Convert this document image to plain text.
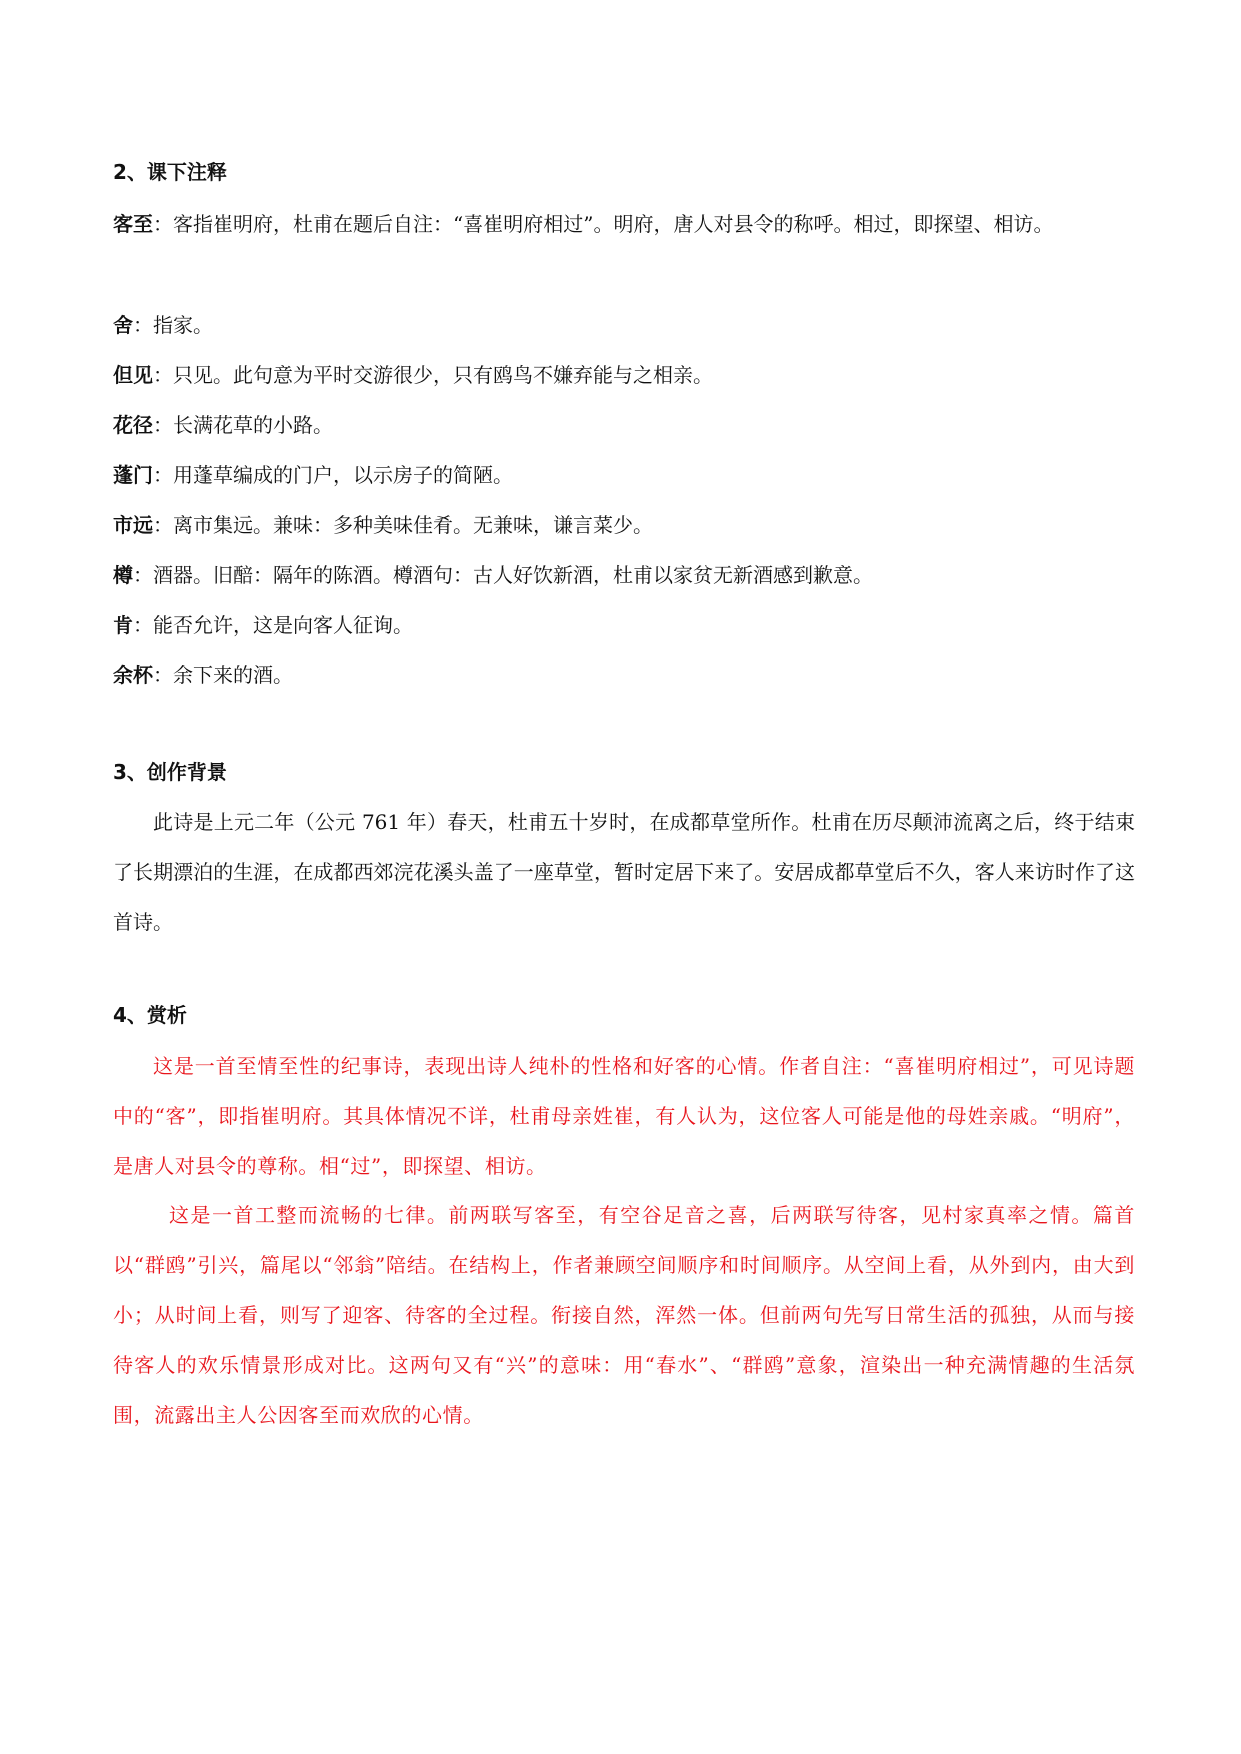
2、课下注释
客至：客指崔明府，杜甫在题后自注：“喜崔明府相过”。明府，唐人对县令的称呼。相过，即探望、相访。
舍：指家。
但见：只见。此句意为平时交游很少，只有鸥鸟不嫌弃能与之相亲。
花径：长满花草的小路。
蓬门：用蓬草编成的门户，以示房子的简陋。
市远：离市集远。兼味：多种美味佳肴。无兼味，谦言菜少。
樽：酒器。旧醅：隔年的陈酒。樽酒句：古人好饮新酒，杜甫以家贫无新酒感到歉意。
肯：能否允许，这是向客人征询。
余杯：余下来的酒。
3、创作背景
此诗是上元二年（公元 761 年）春天，杜甫五十岁时，在成都草堂所作。杜甫在历尽颠沛流离之后，终于结束了长期漂泊的生涯，在成都西郊浣花溪头盖了一座草堂，暂时定居下来了。安居成都草堂后不久，客人来访时作了这首诗。
4、赏析
这是一首至情至性的纪事诗，表现出诗人纯朴的性格和好客的心情。作者自注：“喜崔明府相过”，可见诗题中的“客”，即指崔明府。其具体情况不详，杜甫母亲姓崔，有人认为，这位客人可能是他的母姓亲戚。“明府”，是唐人对县令的尊称。相“过”，即探望、相访。
这是一首工整而流畅的七律。前两联写客至，有空谷足音之喜，后两联写待客，见村家真率之情。篇首以“群鸥”引兴，篇尾以“邻翁”陪结。在结构上，作者兼顾空间顺序和时间顺序。从空间上看，从外到内，由大到小；从时间上看，则写了迎客、待客的全过程。衔接自然，浑然一体。但前两句先写日常生活的孤独，从而与接待客人的欢乐情景形成对比。这两句又有“兴”的意味：用“春水”、“群鸥”意象，渲染出一种充满情趣的生活氛围，流露出主人公因客至而欢欣的心情。
